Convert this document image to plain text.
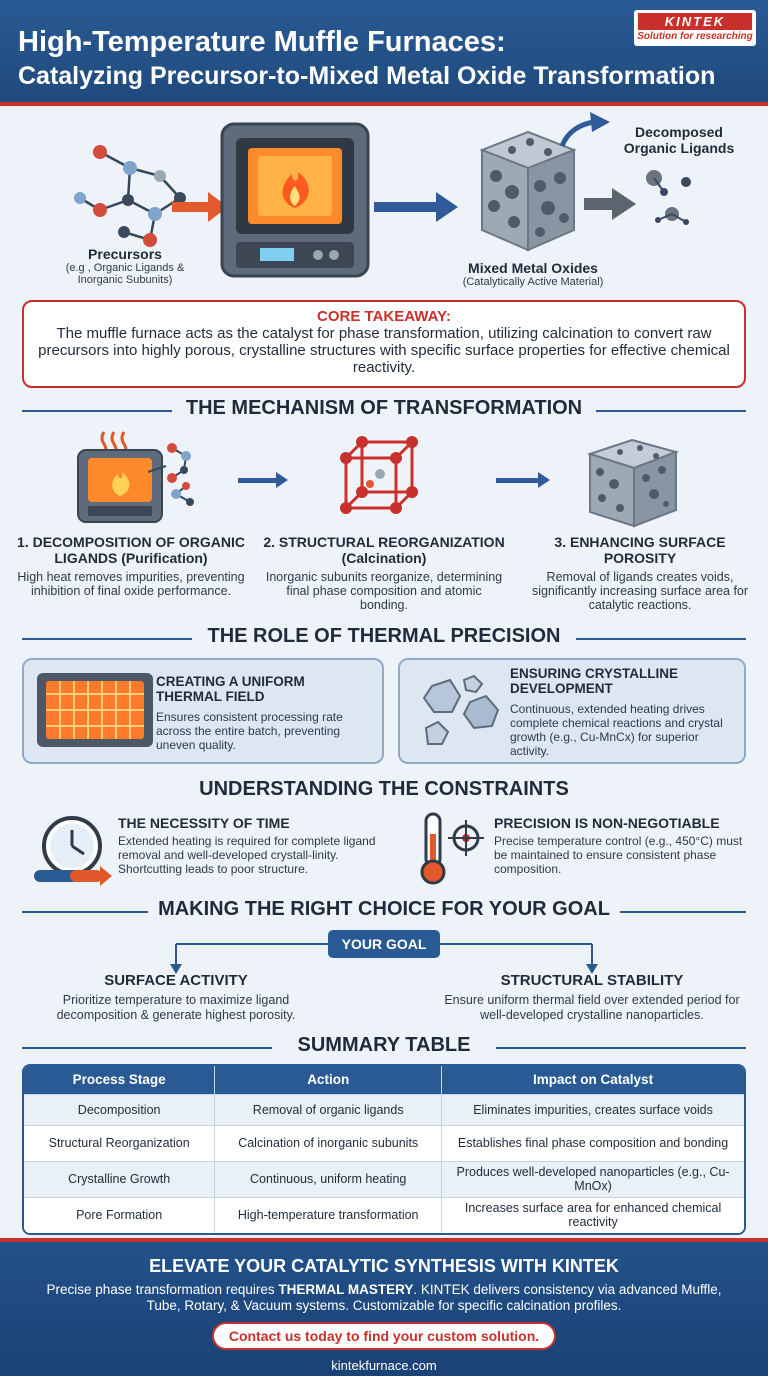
High-Temperature Muffle Furnaces:
Catalyzing Precursor-to-Mixed Metal Oxide Transformation
KINTEK
Solution for researching
Precursors
(e.g , Organic Ligands &
Inorganic Subunits)
Mixed Metal Oxides
(Catalytically Active Material)
Decomposed
Organic Ligands
CORE TAKEAWAY:
The muffle furnace acts as the catalyst for phase transformation, utilizing calcination to convert raw precursors into highly porous, crystalline structures with specific surface properties for effective chemical reactivity.
THE MECHANISM OF TRANSFORMATION
1. DECOMPOSITION OF ORGANIC LIGANDS (Purification)
High heat removes impurities, preventing inhibition of final oxide performance.
2. STRUCTURAL REORGANIZATION (Calcination)
Inorganic subunits reorganize, determining final phase composition and atomic bonding.
3. ENHANCING SURFACE POROSITY
Removal of ligands creates voids, significantly increasing surface area for catalytic reactions.
THE ROLE OF THERMAL PRECISION
CREATING A UNIFORM THERMAL FIELD
Ensures consistent processing rate across the entire batch, preventing uneven quality.
ENSURING CRYSTALLINE DEVELOPMENT
Continuous, extended heating drives complete chemical reactions and crystal growth (e.g., Cu-MnCx) for superior activity.
UNDERSTANDING THE CONSTRAINTS
THE NECESSITY OF TIME
Extended heating is required for complete ligand removal and well-developed crystall-linity. Shortcutting leads to poor structure.
PRECISION IS NON-NEGOTIABLE
Precise temperature control (e.g., 450°C) must be maintained to ensure consistent phase composition.
MAKING THE RIGHT CHOICE FOR YOUR GOAL
YOUR GOAL
SURFACE ACTIVITY
Prioritize temperature to maximize ligand decomposition & generate highest porosity.
STRUCTURAL STABILITY
Ensure uniform thermal field over extended period for well-developed crystalline nanoparticles.
SUMMARY TABLE
Process Stage	Action	Impact on Catalyst
Decomposition	Removal of organic ligands	Eliminates impurities, creates surface voids
Structural Reorganization	Calcination of inorganic subunits	Establishes final phase composition and bonding
Crystalline Growth	Continuous, uniform heating	Produces well-developed nanoparticles (e.g., Cu-MnOx)
Pore Formation	High-temperature transformation	Increases surface area for enhanced chemical reactivity
ELEVATE YOUR CATALYTIC SYNTHESIS WITH KINTEK
Precise phase transformation requires THERMAL MASTERY. KINTEK delivers consistency via advanced Muffle, Tube, Rotary, & Vacuum systems. Customizable for specific calcination profiles.
Contact us today to find your custom solution.
kintekfurnace.com
